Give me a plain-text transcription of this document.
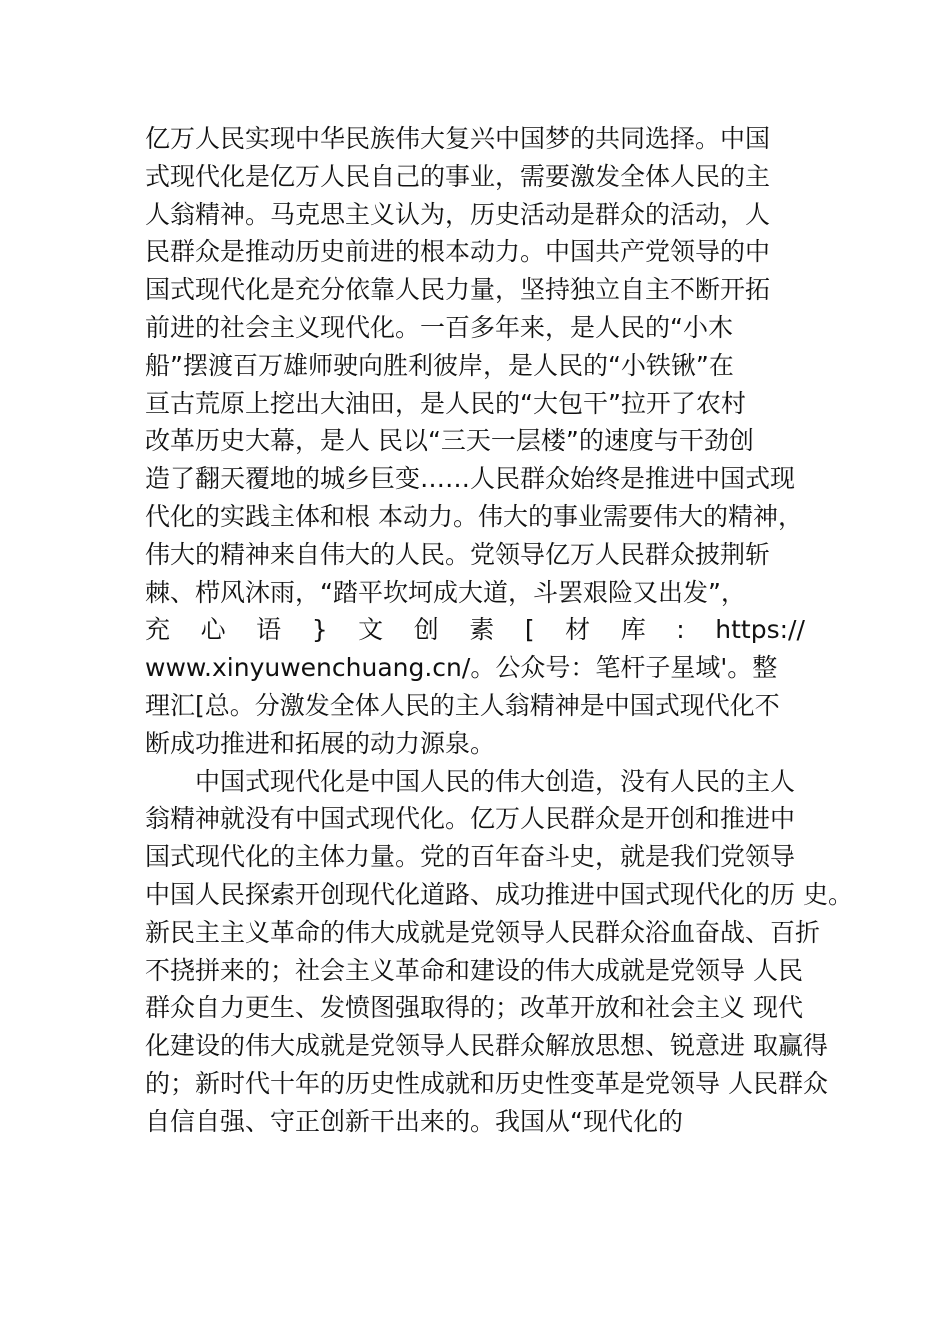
亿万人民实现中华民族伟大复兴中国梦的共同选择。中国
式现代化是亿万人民自己的事业，需要激发全体人民的主
人翁精神。马克思主义认为，历史活动是群众的活动，人
民群众是推动历史前进的根本动力。中国共产党领导的中
国式现代化是充分依靠人民力量，坚持独立自主不断开拓
前进的社会主义现代化。一百多年来，是人民的“小木
船”摆渡百万雄师驶向胜利彼岸，是人民的“小铁锹”在
亘古荒原上挖出大油田，是人民的“大包干”拉开了农村
改革历史大幕，是人 民以“三天一层楼”的速度与干劲创
造了翻天覆地的城乡巨变……人民群众始终是推进中国式现
代化的实践主体和根 本动力。伟大的事业需要伟大的精神，
伟大的精神来自伟大的人民。党领导亿万人民群众披荆斩
棘、栉风沐雨，“踏平坎坷成大道，斗罢艰险又出发”，
充 心 语 } 文 创 素 [ 材 库 : https://
www.xinyuwenchuang.cn/。公众号：笔杆子星域'。整
理汇[总。分激发全体人民的主人翁精神是中国式现代化不
断成功推进和拓展的动力源泉。
中国式现代化是中国人民的伟大创造，没有人民的主人
翁精神就没有中国式现代化。亿万人民群众是开创和推进中
国式现代化的主体力量。党的百年奋斗史，就是我们党领导
中国人民探索开创现代化道路、成功推进中国式现代化的历 史。
新民主主义革命的伟大成就是党领导人民群众浴血奋战、百折
不挠拼来的；社会主义革命和建设的伟大成就是党领导 人民
群众自力更生、发愤图强取得的；改革开放和社会主义 现代
化建设的伟大成就是党领导人民群众解放思想、锐意进 取赢得
的；新时代十年的历史性成就和历史性变革是党领导 人民群众
自信自强、守正创新干出来的。我国从“现代化的
